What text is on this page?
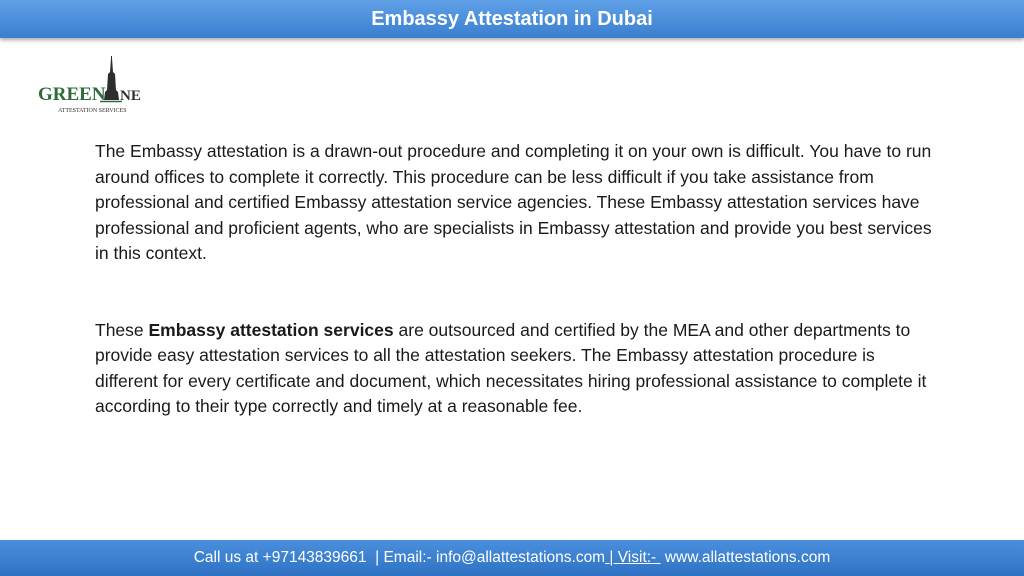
Embassy Attestation in Dubai
GREEN NE
ATTESTATION SERVICES

The Embassy attestation is a drawn-out procedure and completing it on your own is difficult. You have to run around offices to complete it correctly. This procedure can be less difficult if you take assistance from professional and certified Embassy attestation service agencies. These Embassy attestation services have professional and proficient agents, who are specialists in Embassy attestation and provide you best services in this context.

These Embassy attestation services are outsourced and certified by the MEA and other departments to provide easy attestation services to all the attestation seekers. The Embassy attestation procedure is different for every certificate and document, which necessitates hiring professional assistance to complete it according to their type correctly and timely at a reasonable fee.

Call us at +97143839661  | Email:- info@allattestations.com | Visit:- www.allattestations.com
